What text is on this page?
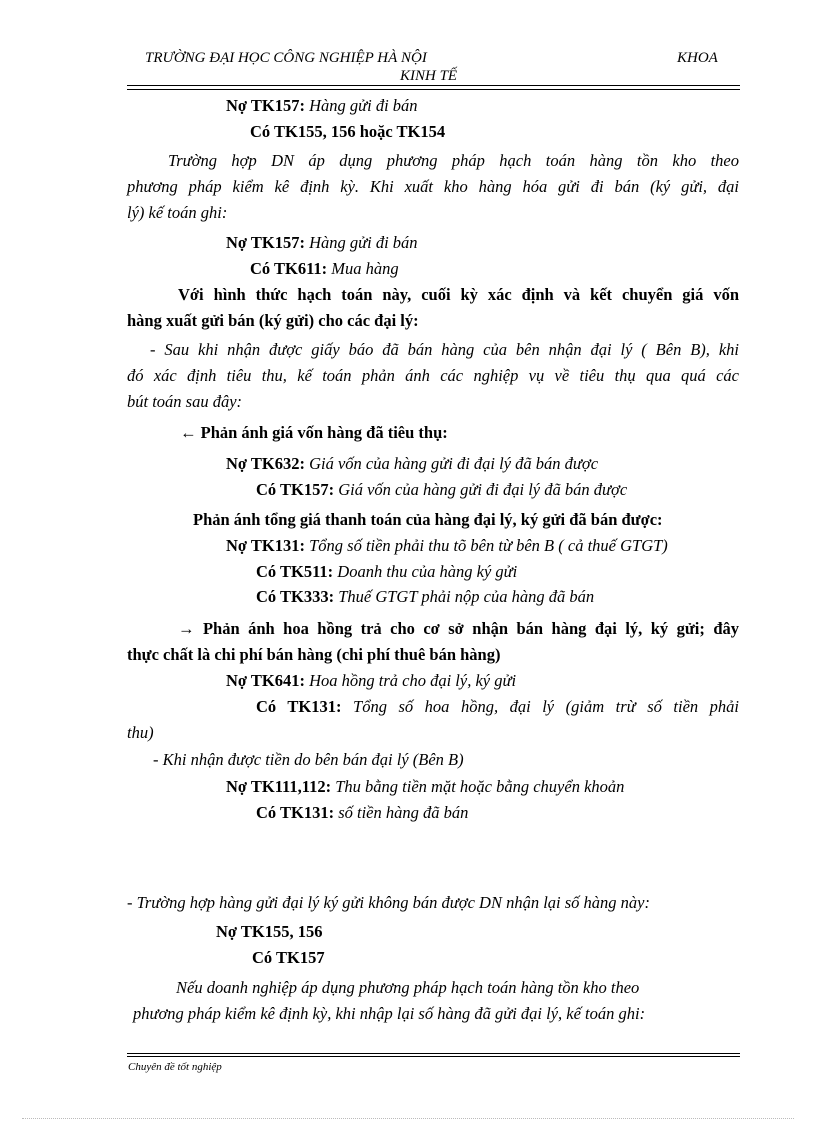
TRƯỜNG ĐẠI HỌC CÔNG NGHIỆP HÀ NỘI	KHOA
KINH TẾ
Nợ TK157: Hàng gửi đi bán
Có TK155, 156 hoặc TK154
Trường hợp DN áp dụng phương pháp hạch toán hàng tồn kho theo
phương pháp kiểm kê định kỳ. Khi xuất kho hàng hóa gửi đi bán (ký gửi, đại
lý) kế toán ghi:
Nợ TK157: Hàng gửi đi bán
Có TK611: Mua hàng
Với hình thức hạch toán này, cuối kỳ xác định và kết chuyển giá vốn
hàng xuất gửi bán (ký gửi) cho các đại lý:
- Sau khi nhận được giấy báo đã bán hàng của bên nhận đại lý ( Bên B), khi
đó xác định tiêu thu, kế toán phản ánh các nghiệp vụ về tiêu thụ qua quá các
bút toán sau đây:
← Phản ánh giá vốn hàng đã tiêu thụ:
Nợ TK632: Giá vốn của hàng gửi đi đại lý đã bán được
Có TK157: Giá vốn của hàng gửi đi đại lý đã bán được
Phản ánh tổng giá thanh toán của hàng đại lý, ký gửi đã bán được:
Nợ TK131: Tổng số tiền phải thu tõ bên từ bên B ( cả thuế GTGT)
Có TK511: Doanh thu của hàng ký gửi
Có TK333: Thuế GTGT phải nộp của hàng đã bán
→ Phản ánh hoa hồng trả cho cơ sở nhận bán hàng đại lý, ký gửi; đây
thực chất là chi phí bán hàng (chi phí thuê bán hàng)
Nợ TK641: Hoa hồng trả cho đại lý, ký gửi
Có TK131: Tổng số hoa hồng, đại lý (giảm trừ số tiền phải
thu)
- Khi nhận được tiền do bên bán đại lý (Bên B)
Nợ TK111,112: Thu bằng tiền mặt hoặc bằng chuyển khoản
Có TK131: số tiền hàng đã bán
- Trường hợp hàng gửi đại lý ký gửi không bán được DN nhận lại số hàng này:
Nợ TK155, 156
Có TK157
Nếu doanh nghiệp áp dụng phương pháp hạch toán hàng tồn kho theo
phương pháp kiểm kê định kỳ, khi nhập lại số hàng đã gửi đại lý, kế toán ghi:
Chuyên đề tốt nghiệp
